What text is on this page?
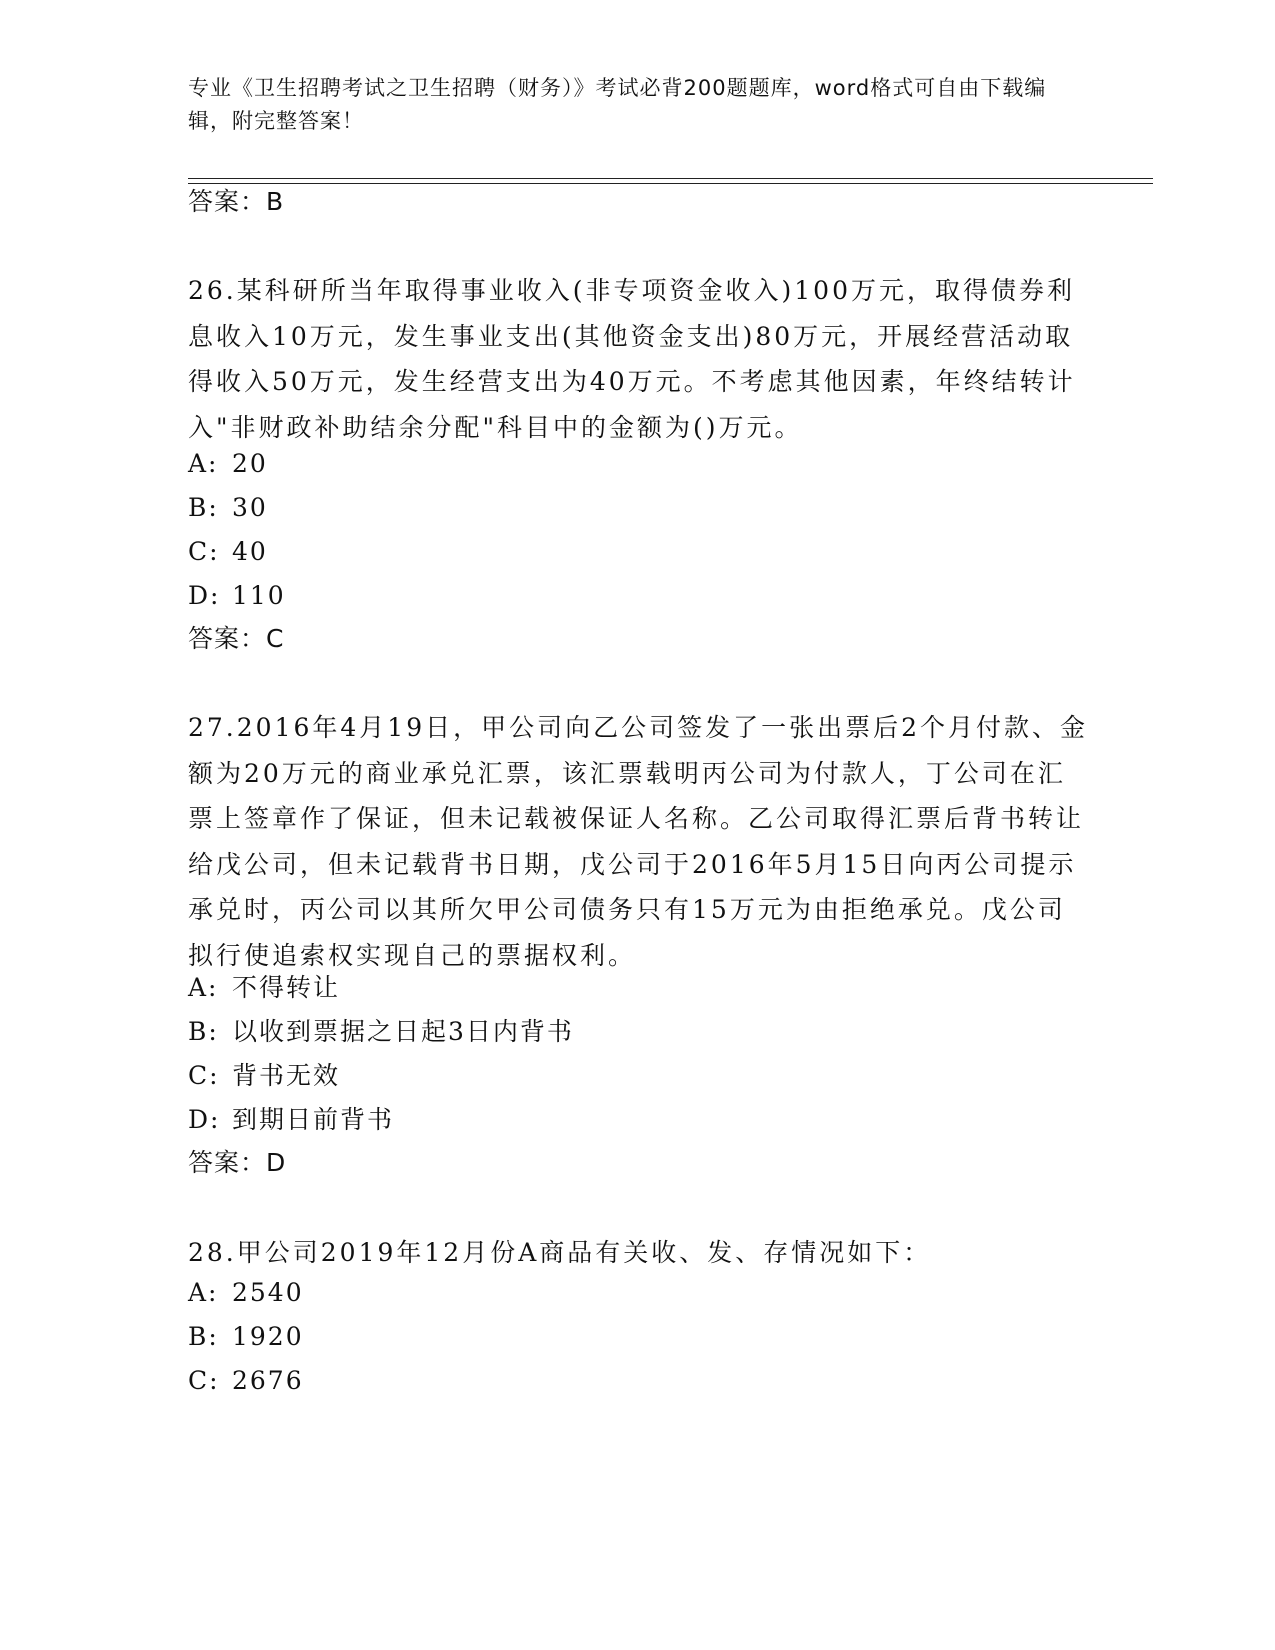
专业《卫生招聘考试之卫生招聘（财务）》考试必背200题题库，word格式可自由下载编辑，附完整答案！
答案：B
26.某科研所当年取得事业收入(非专项资金收入)100万元，取得债券利息收入10万元，发生事业支出(其他资金支出)80万元，开展经营活动取得收入50万元，发生经营支出为40万元。不考虑其他因素，年终结转计入"非财政补助结余分配"科目中的金额为()万元。
A: 20
B: 30
C: 40
D: 110
答案：C
27.2016年4月19日，甲公司向乙公司签发了一张出票后2个月付款、金额为20万元的商业承兑汇票，该汇票载明丙公司为付款人，丁公司在汇票上签章作了保证，但未记载被保证人名称。乙公司取得汇票后背书转让给戊公司，但未记载背书日期，戊公司于2016年5月15日向丙公司提示承兑时，丙公司以其所欠甲公司债务只有15万元为由拒绝承兑。戊公司拟行使追索权实现自己的票据权利。
A: 不得转让
B: 以收到票据之日起3日内背书
C: 背书无效
D: 到期日前背书
答案：D
28.甲公司2019年12月份A商品有关收、发、存情况如下：
A: 2540
B: 1920
C: 2676
